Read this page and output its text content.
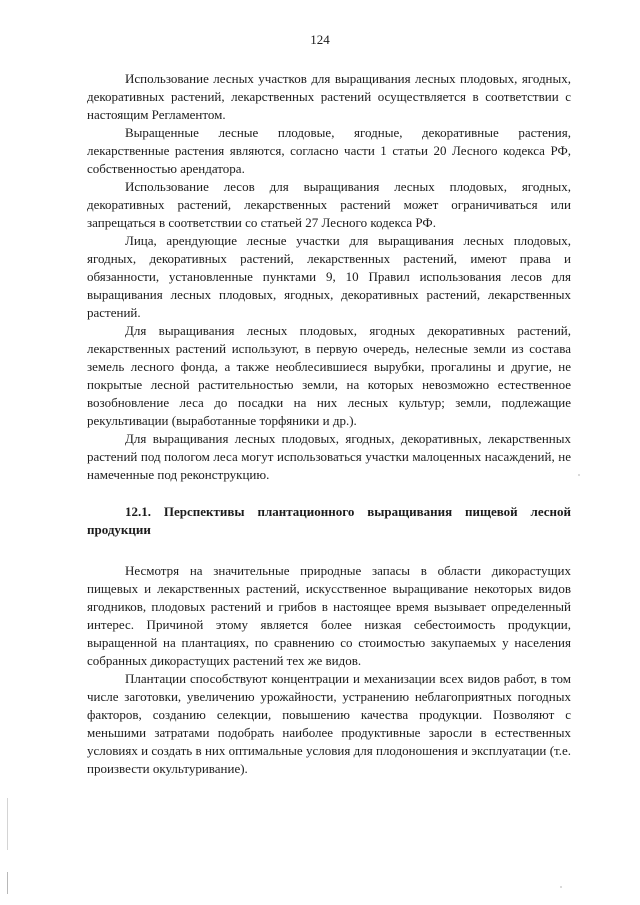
124

Использование лесных участков для выращивания лесных плодовых, ягодных, декоративных растений, лекарственных растений осуществляется в соответствии с настоящим Регламентом.

Выращенные лесные плодовые, ягодные, декоративные растения, лекарственные растения являются, согласно части 1 статьи 20 Лесного кодекса РФ, собственностью арендатора.

Использование лесов для выращивания лесных плодовых, ягодных, декоративных растений, лекарственных растений может ограничиваться или запрещаться в соответствии со статьей 27 Лесного кодекса РФ.

Лица, арендующие лесные участки для выращивания лесных плодовых, ягодных, декоративных растений, лекарственных растений, имеют права и обязанности, установленные пунктами 9, 10 Правил использования лесов для выращивания лесных плодовых, ягодных, декоративных растений, лекарственных растений.

Для выращивания лесных плодовых, ягодных декоративных растений, лекарственных растений используют, в первую очередь, нелесные земли из состава земель лесного фонда, а также необлесившиеся вырубки, прогалины и другие, не покрытые лесной растительностью земли, на которых невозможно естественное возобновление леса до посадки на них лесных культур; земли, подлежащие рекультивации (выработанные торфяники и др.).

Для выращивания лесных плодовых, ягодных, декоративных, лекарственных растений под пологом леса могут использоваться участки малоценных насаждений, не намеченные под реконструкцию.

12.1. Перспективы плантационного выращивания пищевой лесной продукции

Несмотря на значительные природные запасы в области дикорастущих пищевых и лекарственных растений, искусственное выращивание некоторых видов ягодников, плодовых растений и грибов в настоящее время вызывает определенный интерес. Причиной этому является более низкая себестоимость продукции, выращенной на плантациях, по сравнению со стоимостью закупаемых у населения собранных дикорастущих растений тех же видов.

Плантации способствуют концентрации и механизации всех видов работ, в том числе заготовки, увеличению урожайности, устранению неблагоприятных погодных факторов, созданию селекции, повышению качества продукции. Позволяют с меньшими затратами подобрать наиболее продуктивные заросли в естественных условиях и создать в них оптимальные условия для плодоношения и эксплуатации (т.е. произвести окультуривание).
